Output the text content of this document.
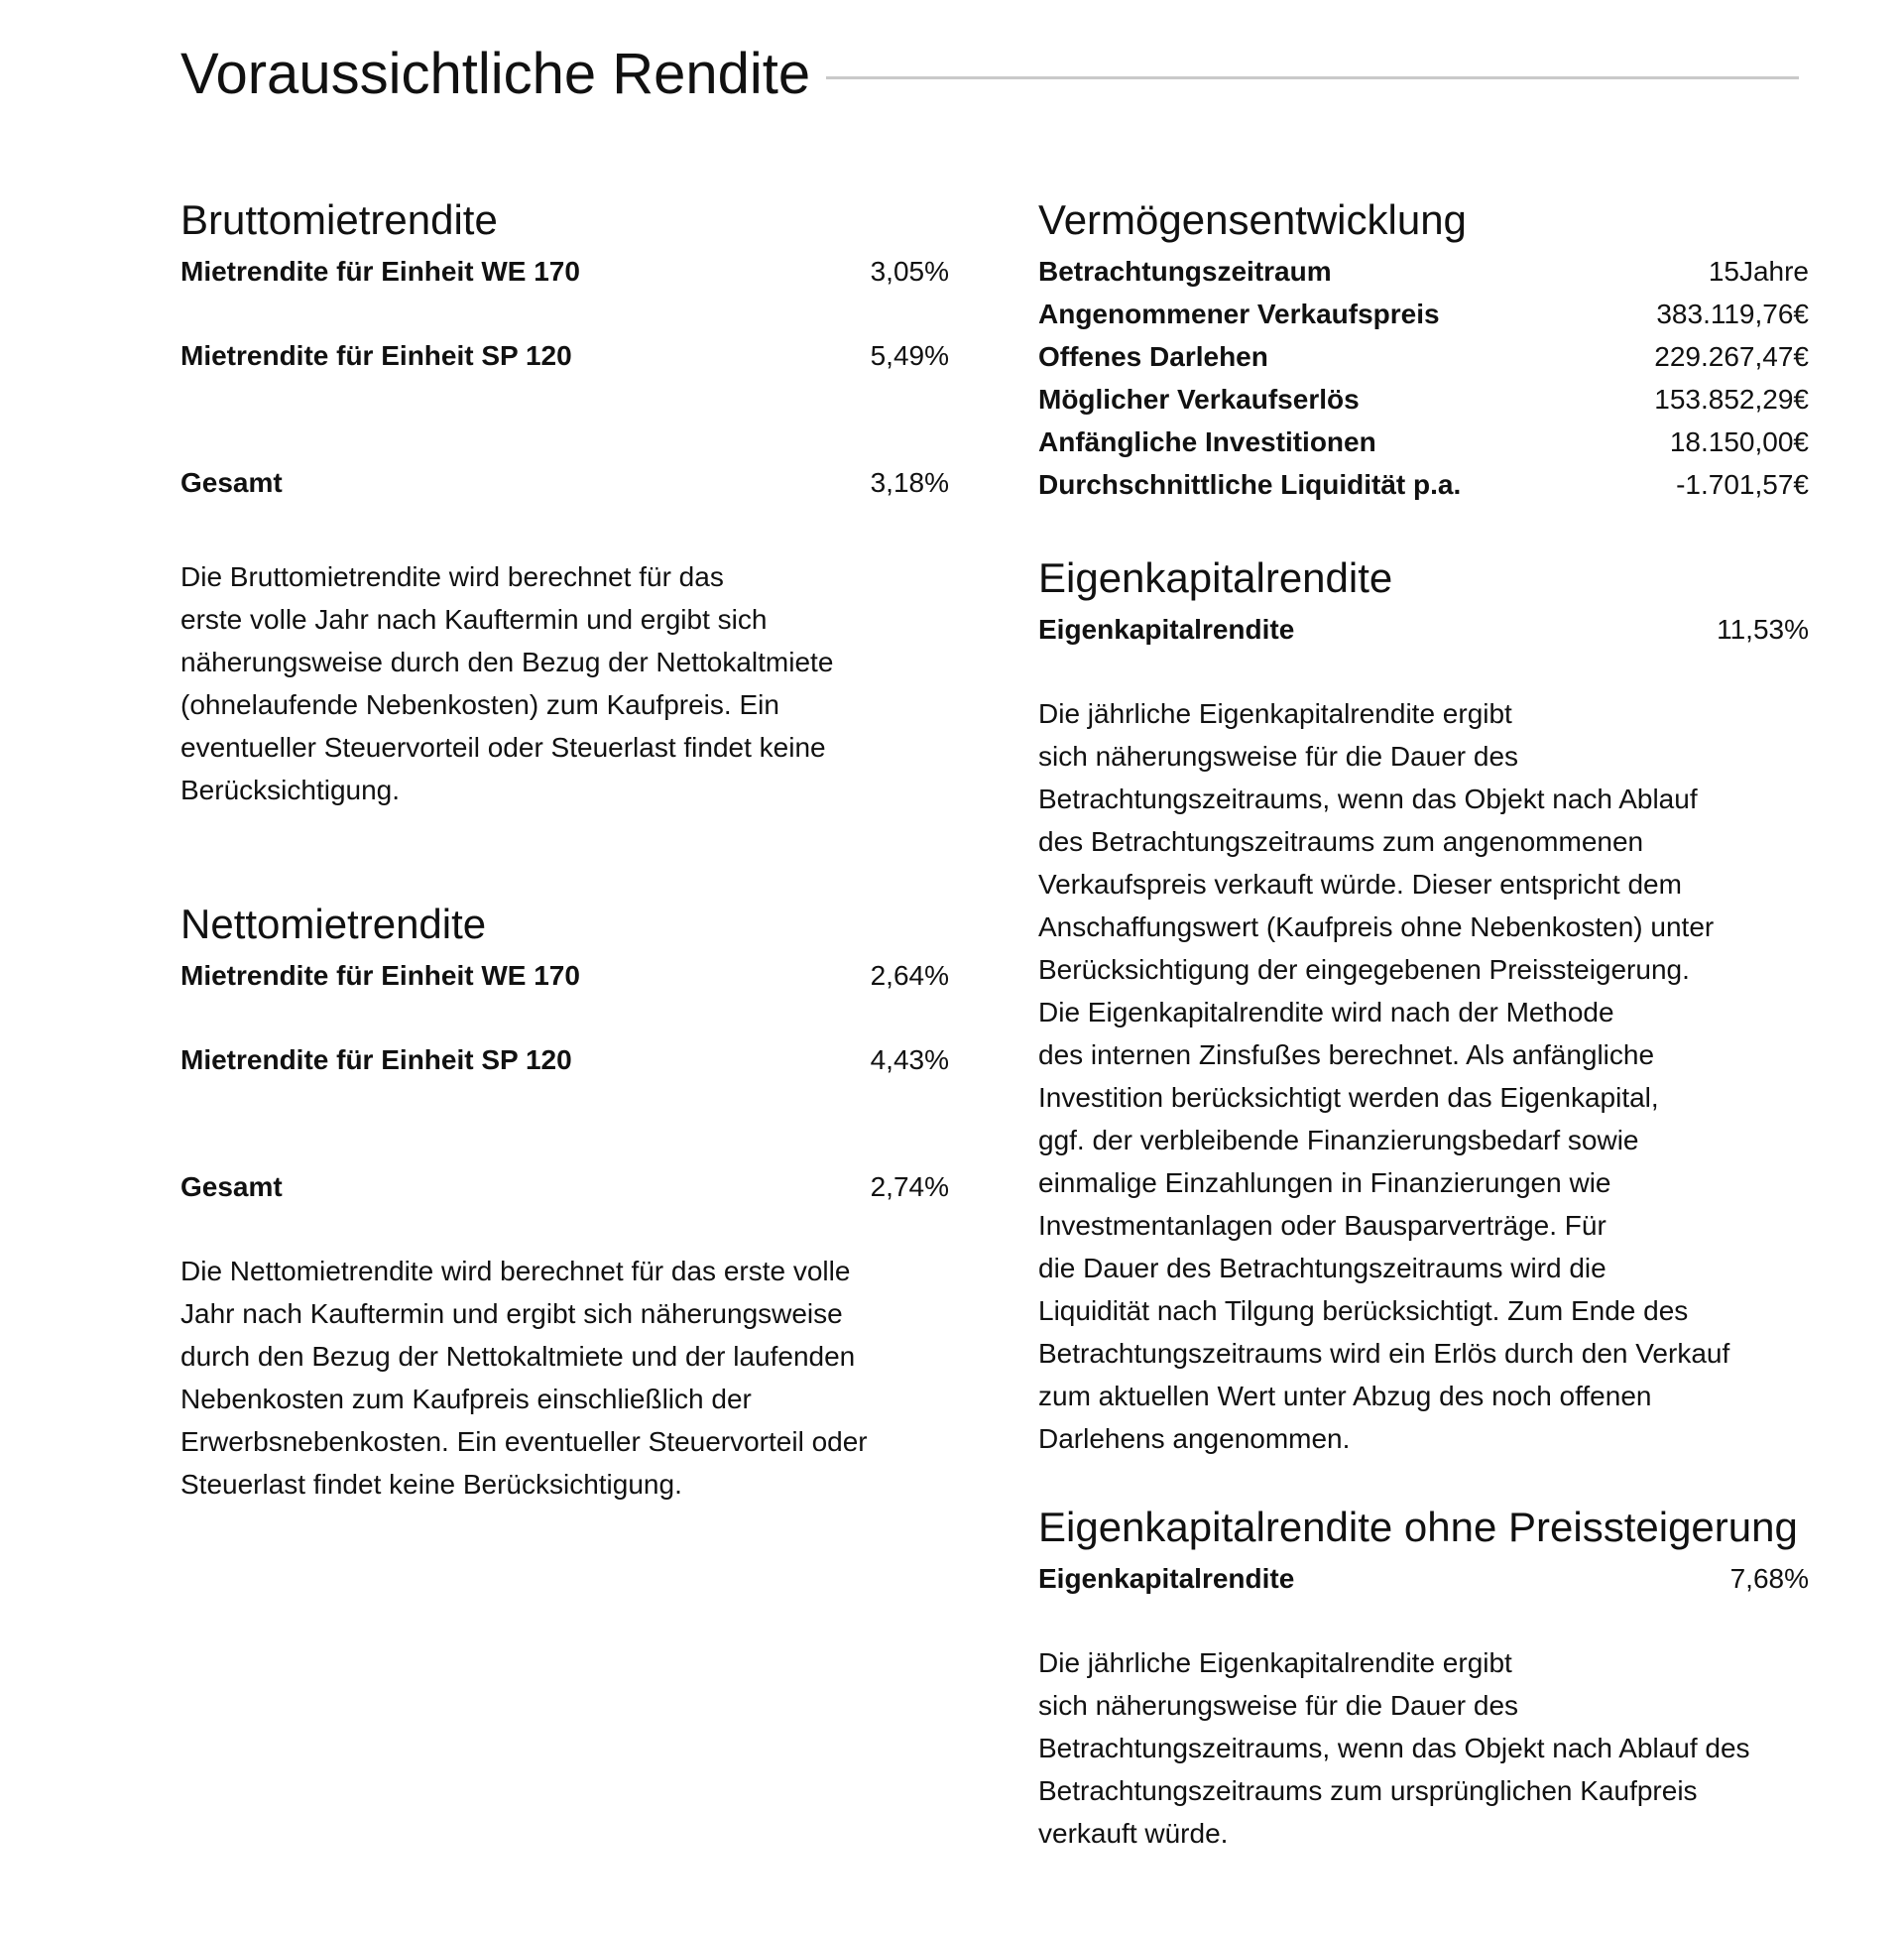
Voraussichtliche Rendite
Bruttomietrendite
Mietrendite für Einheit WE 170	3,05%
Mietrendite für Einheit SP 120	5,49%
Gesamt	3,18%

Die Bruttomietrendite wird berechnet für das
erste volle Jahr nach Kauftermin und ergibt sich
näherungsweise durch den Bezug der Nettokaltmiete
(ohnelaufende Nebenkosten) zum Kaufpreis. Ein
eventueller Steuervorteil oder Steuerlast findet keine
Berücksichtigung.

Nettomietrendite
Mietrendite für Einheit WE 170	2,64%
Mietrendite für Einheit SP 120	4,43%
Gesamt	2,74%

Die Nettomietrendite wird berechnet für das erste volle
Jahr nach Kauftermin und ergibt sich näherungsweise
durch den Bezug der Nettokaltmiete und der laufenden
Nebenkosten zum Kaufpreis einschließlich der
Erwerbsnebenkosten. Ein eventueller Steuervorteil oder
Steuerlast findet keine Berücksichtigung.

Vermögensentwicklung
Betrachtungszeitraum	15Jahre
Angenommener Verkaufspreis	383.119,76€
Offenes Darlehen	229.267,47€
Möglicher Verkaufserlös	153.852,29€
Anfängliche Investitionen	18.150,00€
Durchschnittliche Liquidität p.a.	-1.701,57€
Eigenkapitalrendite
Eigenkapitalrendite	11,53%

Die jährliche Eigenkapitalrendite ergibt
sich näherungsweise für die Dauer des
Betrachtungszeitraums, wenn das Objekt nach Ablauf
des Betrachtungszeitraums zum angenommenen
Verkaufspreis verkauft würde. Dieser entspricht dem
Anschaffungswert (Kaufpreis ohne Nebenkosten) unter
Berücksichtigung der eingegebenen Preissteigerung.
Die Eigenkapitalrendite wird nach der Methode
des internen Zinsfußes berechnet. Als anfängliche
Investition berücksichtigt werden das Eigenkapital,
ggf. der verbleibende Finanzierungsbedarf sowie
einmalige Einzahlungen in Finanzierungen wie
Investmentanlagen oder Bausparverträge. Für
die Dauer des Betrachtungszeitraums wird die
Liquidität nach Tilgung berücksichtigt. Zum Ende des
Betrachtungszeitraums wird ein Erlös durch den Verkauf
zum aktuellen Wert unter Abzug des noch offenen
Darlehens angenommen.

Eigenkapitalrendite ohne Preissteigerung
Eigenkapitalrendite	7,68%

Die jährliche Eigenkapitalrendite ergibt
sich näherungsweise für die Dauer des
Betrachtungszeitraums, wenn das Objekt nach Ablauf des
Betrachtungszeitraums zum ursprünglichen Kaufpreis
verkauft würde.
